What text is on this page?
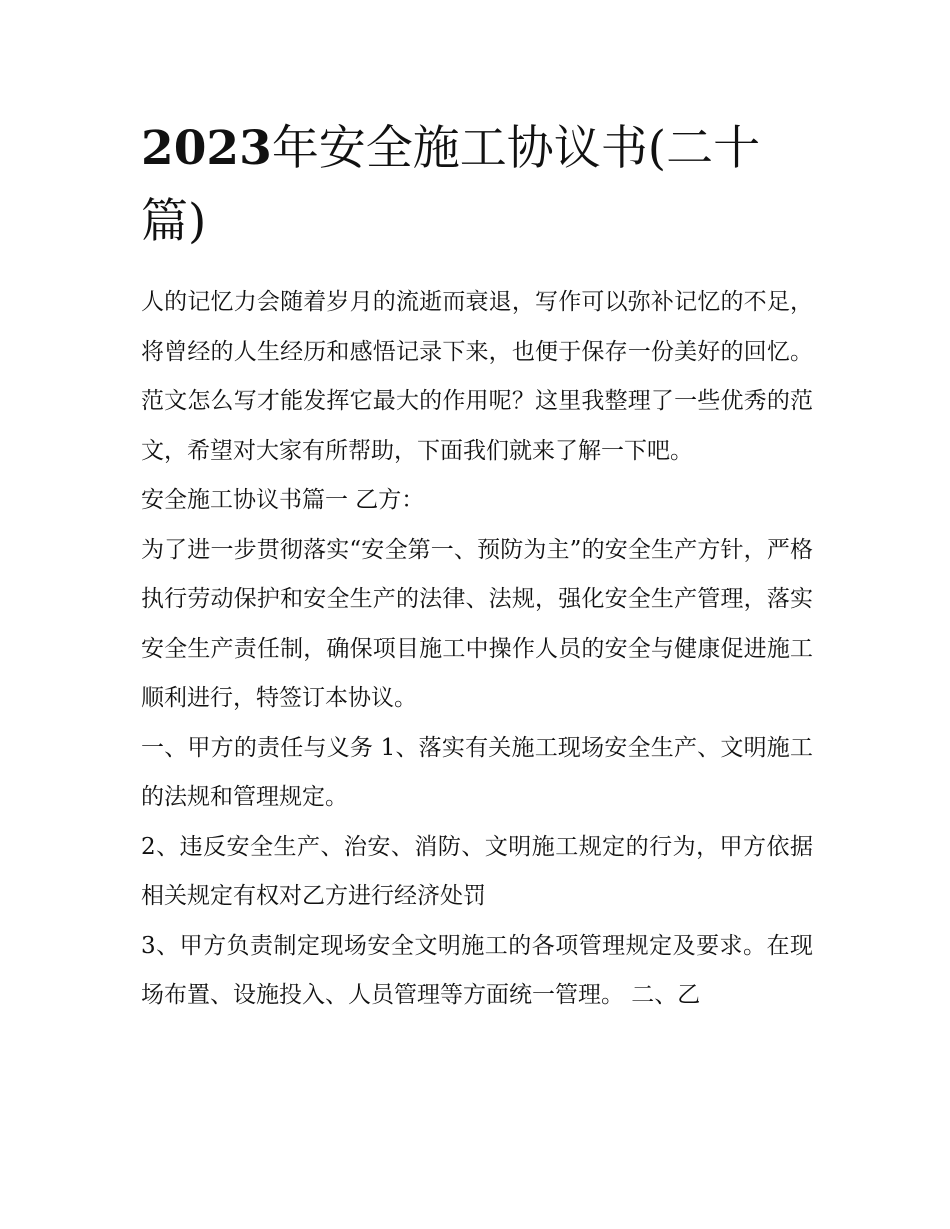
2023年安全施工协议书(二十篇)

人的记忆力会随着岁月的流逝而衰退，写作可以弥补记忆的不足，将曾经的人生经历和感悟记录下来，也便于保存一份美好的回忆。范文怎么写才能发挥它最大的作用呢？这里我整理了一些优秀的范文，希望对大家有所帮助，下面我们就来了解一下吧。

安全施工协议书篇一 乙方：

为了进一步贯彻落实“安全第一、预防为主”的安全生产方针，严格执行劳动保护和安全生产的法律、法规，强化安全生产管理，落实安全生产责任制，确保项目施工中操作人员的安全与健康促进施工顺利进行，特签订本协议。

一、甲方的责任与义务 1、落实有关施工现场安全生产、文明施工的法规和管理规定。

2、违反安全生产、治安、消防、文明施工规定的行为，甲方依据相关规定有权对乙方进行经济处罚

3、甲方负责制定现场安全文明施工的各项管理规定及要求。在现场布置、设施投入、人员管理等方面统一管理。 二、乙
